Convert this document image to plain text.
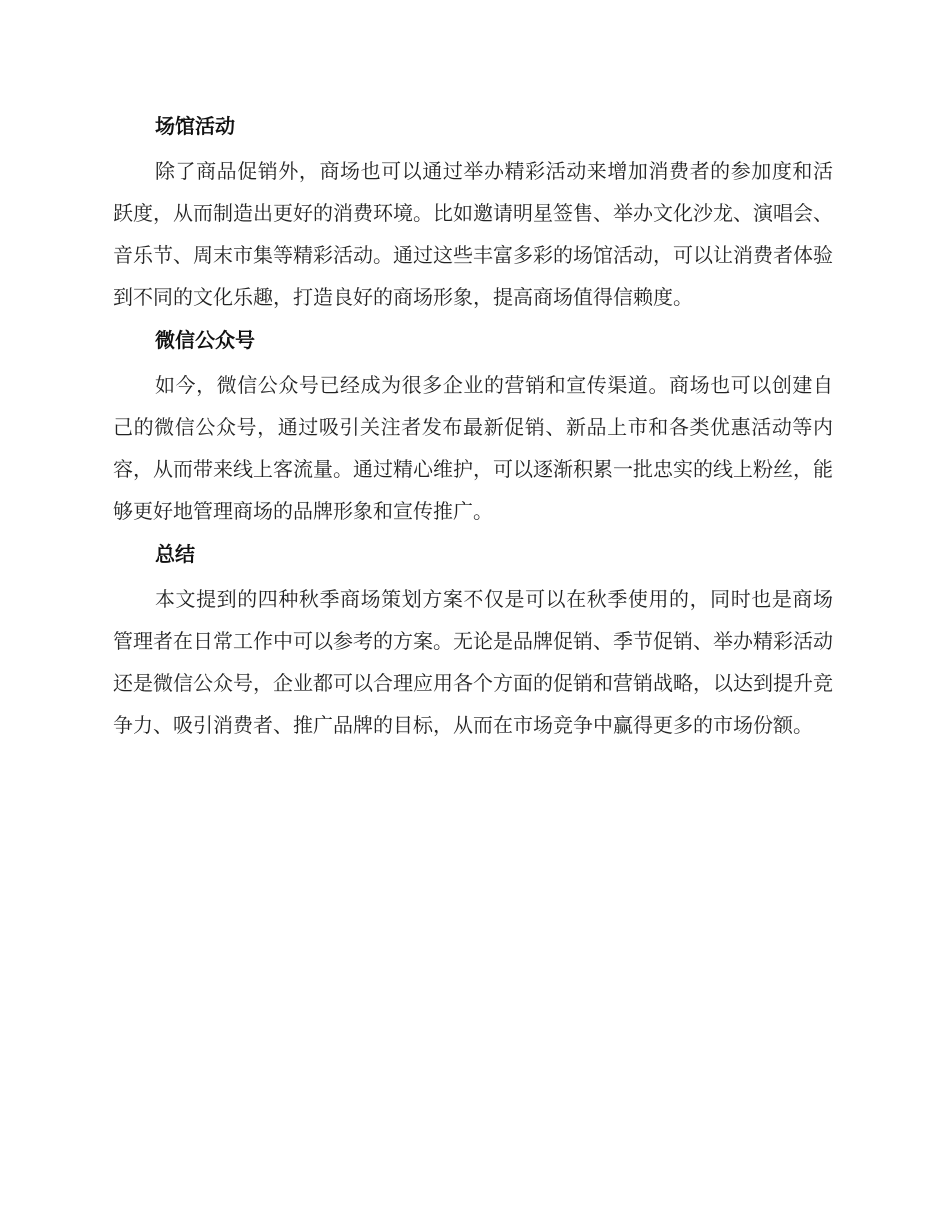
场馆活动

除了商品促销外，商场也可以通过举办精彩活动来增加消费者的参加度和活跃度，从而制造出更好的消费环境。比如邀请明星签售、举办文化沙龙、演唱会、音乐节、周末市集等精彩活动。通过这些丰富多彩的场馆活动，可以让消费者体验到不同的文化乐趣，打造良好的商场形象，提高商场值得信赖度。

微信公众号

如今，微信公众号已经成为很多企业的营销和宣传渠道。商场也可以创建自己的微信公众号，通过吸引关注者发布最新促销、新品上市和各类优惠活动等内容，从而带来线上客流量。通过精心维护，可以逐渐积累一批忠实的线上粉丝，能够更好地管理商场的品牌形象和宣传推广。

总结

本文提到的四种秋季商场策划方案不仅是可以在秋季使用的，同时也是商场管理者在日常工作中可以参考的方案。无论是品牌促销、季节促销、举办精彩活动还是微信公众号，企业都可以合理应用各个方面的促销和营销战略，以达到提升竞争力、吸引消费者、推广品牌的目标，从而在市场竞争中赢得更多的市场份额。
